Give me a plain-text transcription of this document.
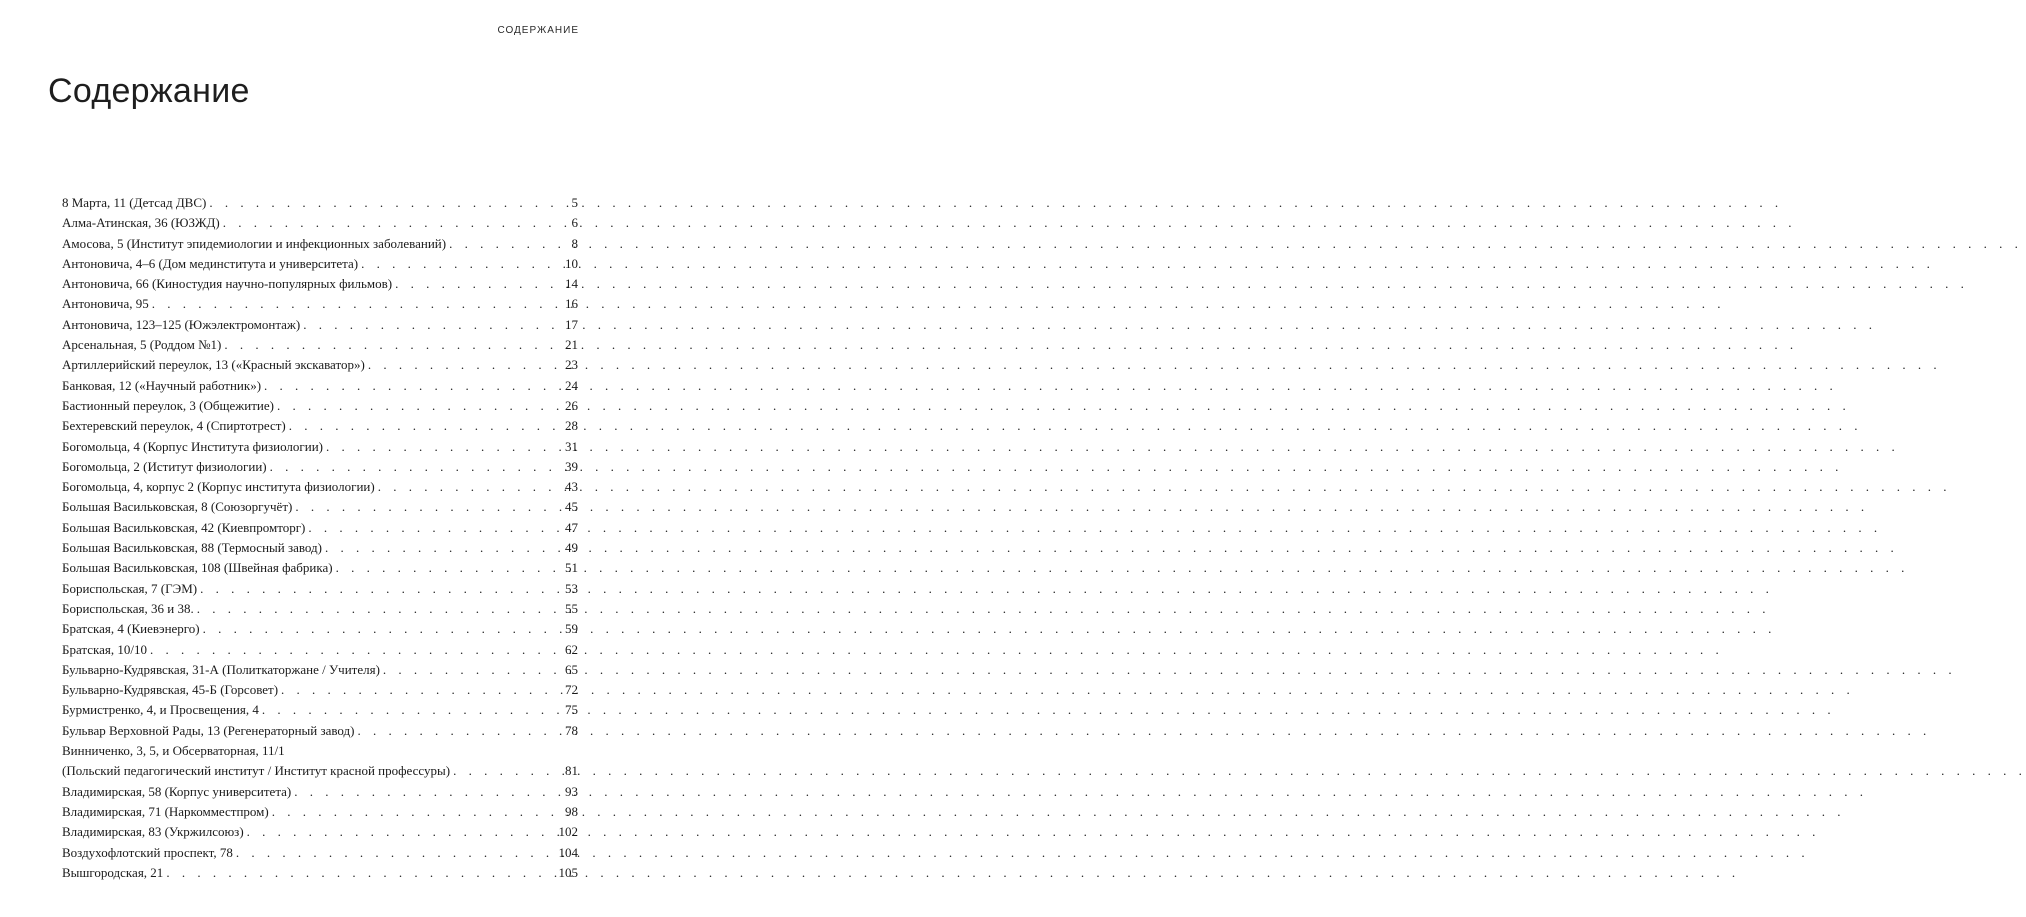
СОДЕРЖАНИЕ
Содержание
8 Марта, 11 (Детсад ДВС) . . .	5
Алма-Атинская, 36 (ЮЗЖД) . . .	6
Амосова, 5 (Институт эпидемиологии и инфекционных заболеваний) . . .	8
Антоновича, 4–6 (Дом мединститута и университета) . . .	10
Антоновича, 66 (Киностудия научно-популярных фильмов) . . .	14
Антоновича, 95 . . .	16
Антоновича, 123–125 (Южэлектромонтаж) . . .	17
Арсенальная, 5 (Роддом №1) . . .	21
Артиллерийский переулок, 13 («Красный экскаватор») . . .	23
Банковая, 12 («Научный работник») . . .	24
Бастионный переулок, 3 (Общежитие) . . .	26
Бехтеревский переулок, 4 (Спиртотрест) . . .	28
Богомольца, 4 (Корпус Института физиологии) . . .	31
Богомольца, 2 (Иститут физиологии) . . .	39
Богомольца, 4, корпус 2 (Корпус института физиологии) . . .	43
Большая Васильковская, 8 (Союзоргучёт) . . .	45
Большая Васильковская, 42 (Киевпромторг) . . .	47
Большая Васильковская, 88 (Термосный завод) . . .	49
Большая Васильковская, 108 (Швейная фабрика) . . .	51
Бориспольская, 7 (ГЭМ) . . .	53
Бориспольская, 36 и 38. . . .	55
Братская, 4 (Киевэнерго) . . .	59
Братская, 10/10 . . .	62
Бульварно-Кудрявская, 31-А (Политкаторжане / Учителя) . . .	65
Бульварно-Кудрявская, 45-Б (Горсовет) . . .	72
Бурмистренко, 4, и Просвещения, 4 . . .	75
Бульвар Верховной Рады, 13 (Регенераторный завод) . . .	78
Винниченко, 3, 5, и Обсерваторная, 11/1
(Польский педагогический институт / Институт красной профессуры) . . .	81
Владимирская, 58 (Корпус университета) . . .	93
Владимирская, 71 (Наркомместпром) . . .	98
Владимирская, 83 (Укржилсоюз) . . .	102
Воздухофлотский проспект, 78 . . .	104
Вышгородская, 21 . . .	105
